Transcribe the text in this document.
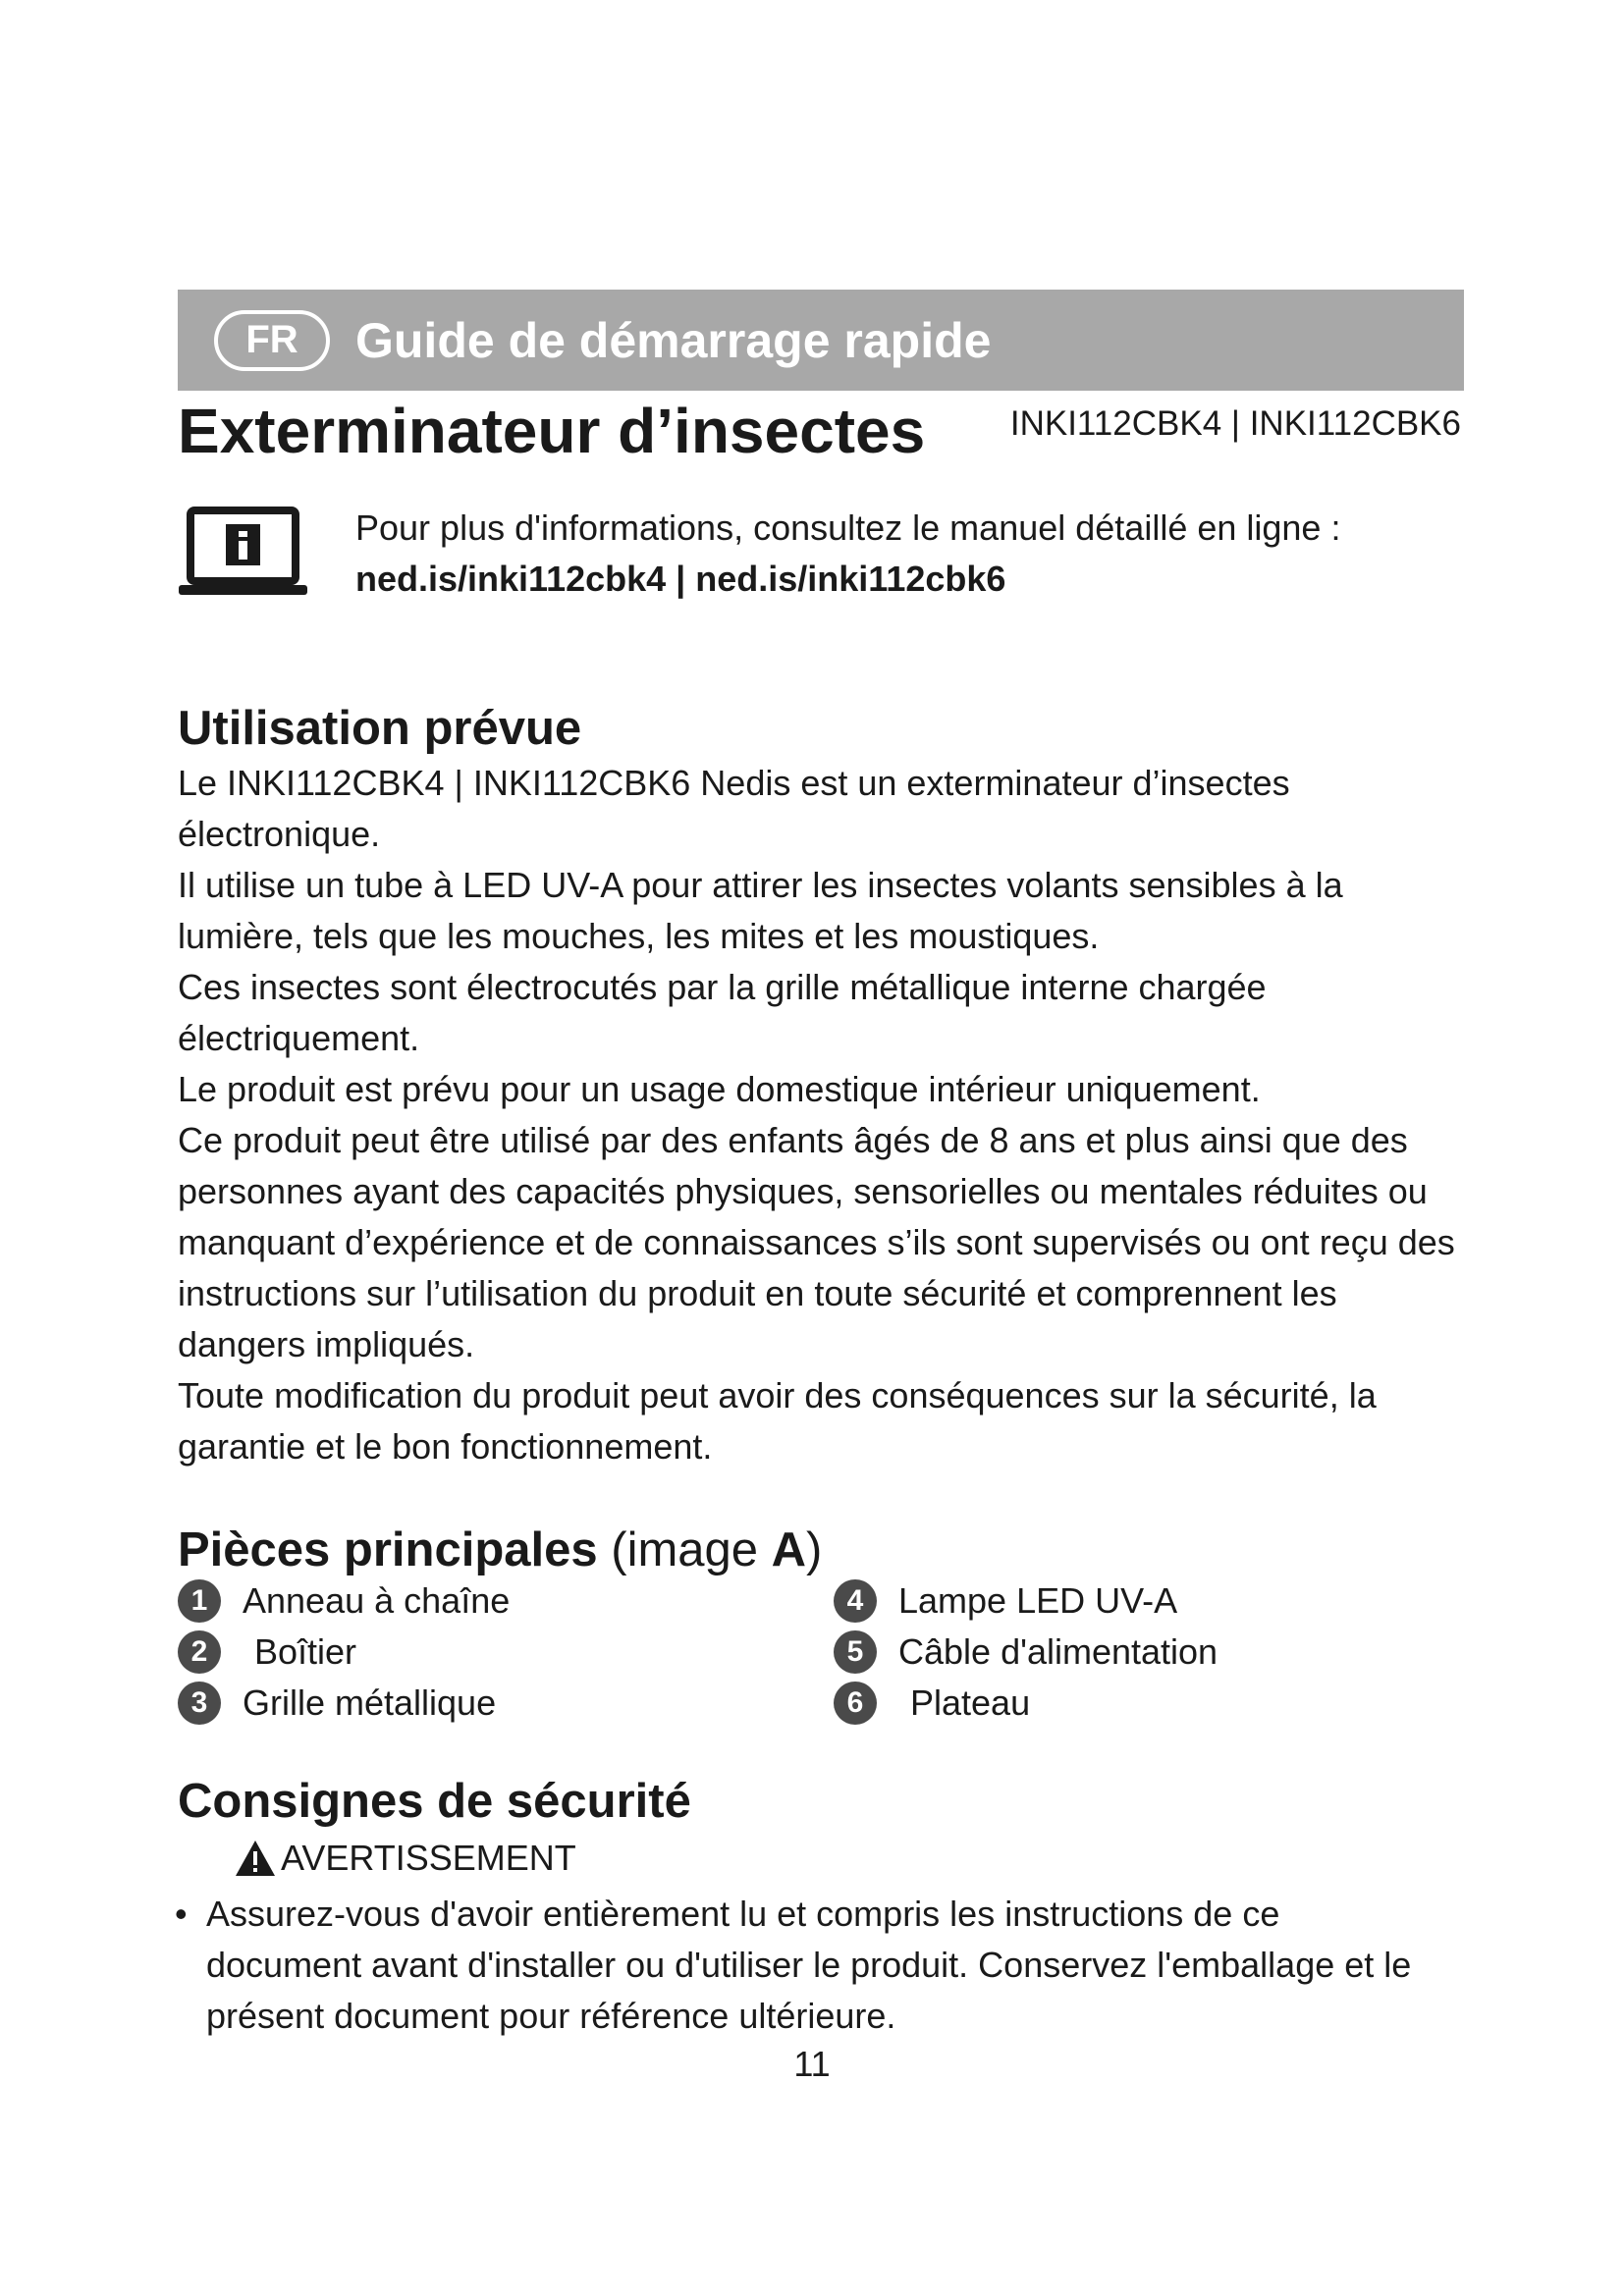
FR	Guide de démarrage rapide
Exterminateur d’insectes INKI112CBK4 | INKI112CBK6
Pour plus d'informations, consultez le manuel détaillé en ligne :
ned.is/inki112cbk4 | ned.is/inki112cbk6
Utilisation prévue

Le INKI112CBK4 | INKI112CBK6 Nedis est un exterminateur d’insectes électronique.

Il utilise un tube à LED UV-A pour attirer les insectes volants sensibles à la lumière, tels que les mouches, les mites et les moustiques.

Ces insectes sont électrocutés par la grille métallique interne chargée électriquement.

Le produit est prévu pour un usage domestique intérieur uniquement.

Ce produit peut être utilisé par des enfants âgés de 8 ans et plus ainsi que des personnes ayant des capacités physiques, sensorielles ou mentales réduites ou manquant d’expérience et de connaissances s’ils sont supervisés ou ont reçu des instructions sur l’utilisation du produit en toute sécurité et comprennent les dangers impliqués.

Toute modification du produit peut avoir des conséquences sur la sécurité, la garantie et le bon fonctionnement.

Pièces principales (image A)
1 Anneau à chaîne
2	Boîtier
3 Grille métallique
4 Lampe LED UV-A
5 Câble d'alimentation
6	Plateau
Consignes de sécurité
AVERTISSEMENT
• Assurez-vous d'avoir entièrement lu et compris les instructions de ce document avant d'installer ou d'utiliser le produit. Conservez l'emballage et le présent document pour référence ultérieure.
11
